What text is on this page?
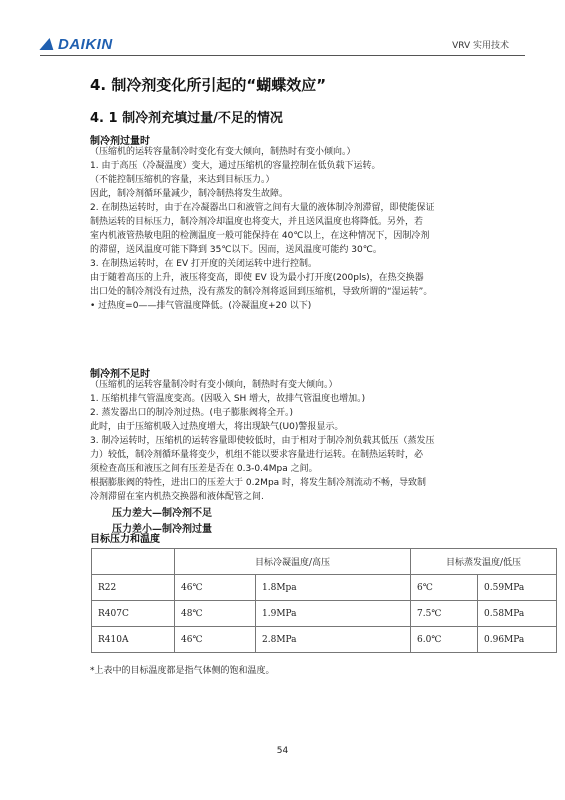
DAIKIN	VRV 实用技术
4. 制冷剂变化所引起的“蝴蝶效应”
4. 1 制冷剂充填过量/不足的情况
制冷剂过量时
（压缩机的运转容量制冷时变化有变大倾向，制热时有变小倾向。）
1. 由于高压（冷凝温度）变大，通过压缩机的容量控制在低负载下运转。
（不能控制压缩机的容量，来达到目标压力。）
因此，制冷剂循环量减少，制冷制热将发生故障。
2. 在制热运转时，由于在冷凝器出口和液管之间有大量的液体制冷剂滞留，即使能保证
制热运转的目标压力，制冷剂冷却温度也将变大，并且送风温度也将降低。另外，若
室内机液管热敏电阻的检测温度一般可能保持在 40℃以上，在这种情况下，因制冷剂
的滞留，送风温度可能下降到 35℃以下。因而，送风温度可能约 30℃。
3. 在制热运转时，在 EV 打开度的关闭运转中进行控制。
由于随着高压的上升，液压将变高，即使 EV 设为最小打开度(200pls)，在热交换器
出口处的制冷剂没有过热，没有蒸发的制冷剂将返回到压缩机，导致所谓的“湿运转”。
• 过热度=0——排气管温度降低。(冷凝温度+20 以下)
制冷剂不足时
（压缩机的运转容量制冷时有变小倾向，制热时有变大倾向。）
1. 压缩机排气管温度变高。(因吸入 SH 增大，故排气管温度也增加。)
2. 蒸发器出口的制冷剂过热。(电子膨胀阀将全开。)
此时，由于压缩机吸入过热度增大，将出现缺气(U0)警报显示。
3. 制冷运转时，压缩机的运转容量即使较低时，由于相对于制冷剂负载其低压（蒸发压
力）较低，制冷剂循环量将变少，机组不能以要求容量进行运转。在制热运转时，必
须检查高压和液压之间有压差是否在 0.3-0.4Mpa 之间。
根据膨胀阀的特性，进出口的压差大于 0.2Mpa 时，将发生制冷剂流动不畅，导致制
冷剂滞留在室内机热交换器和液体配管之间.
压力差大—制冷剂不足
压力差小—制冷剂过量
目标压力和温度
	目标冷凝温度/高压		目标蒸发温度/低压	
R22	46℃	1.8Mpa	6℃	0.59MPa
R407C	48℃	1.9MPa	7.5℃	0.58MPa
R410A	46℃	2.8MPa	6.0℃	0.96MPa
*上表中的目标温度都是指气体侧的饱和温度。
54
